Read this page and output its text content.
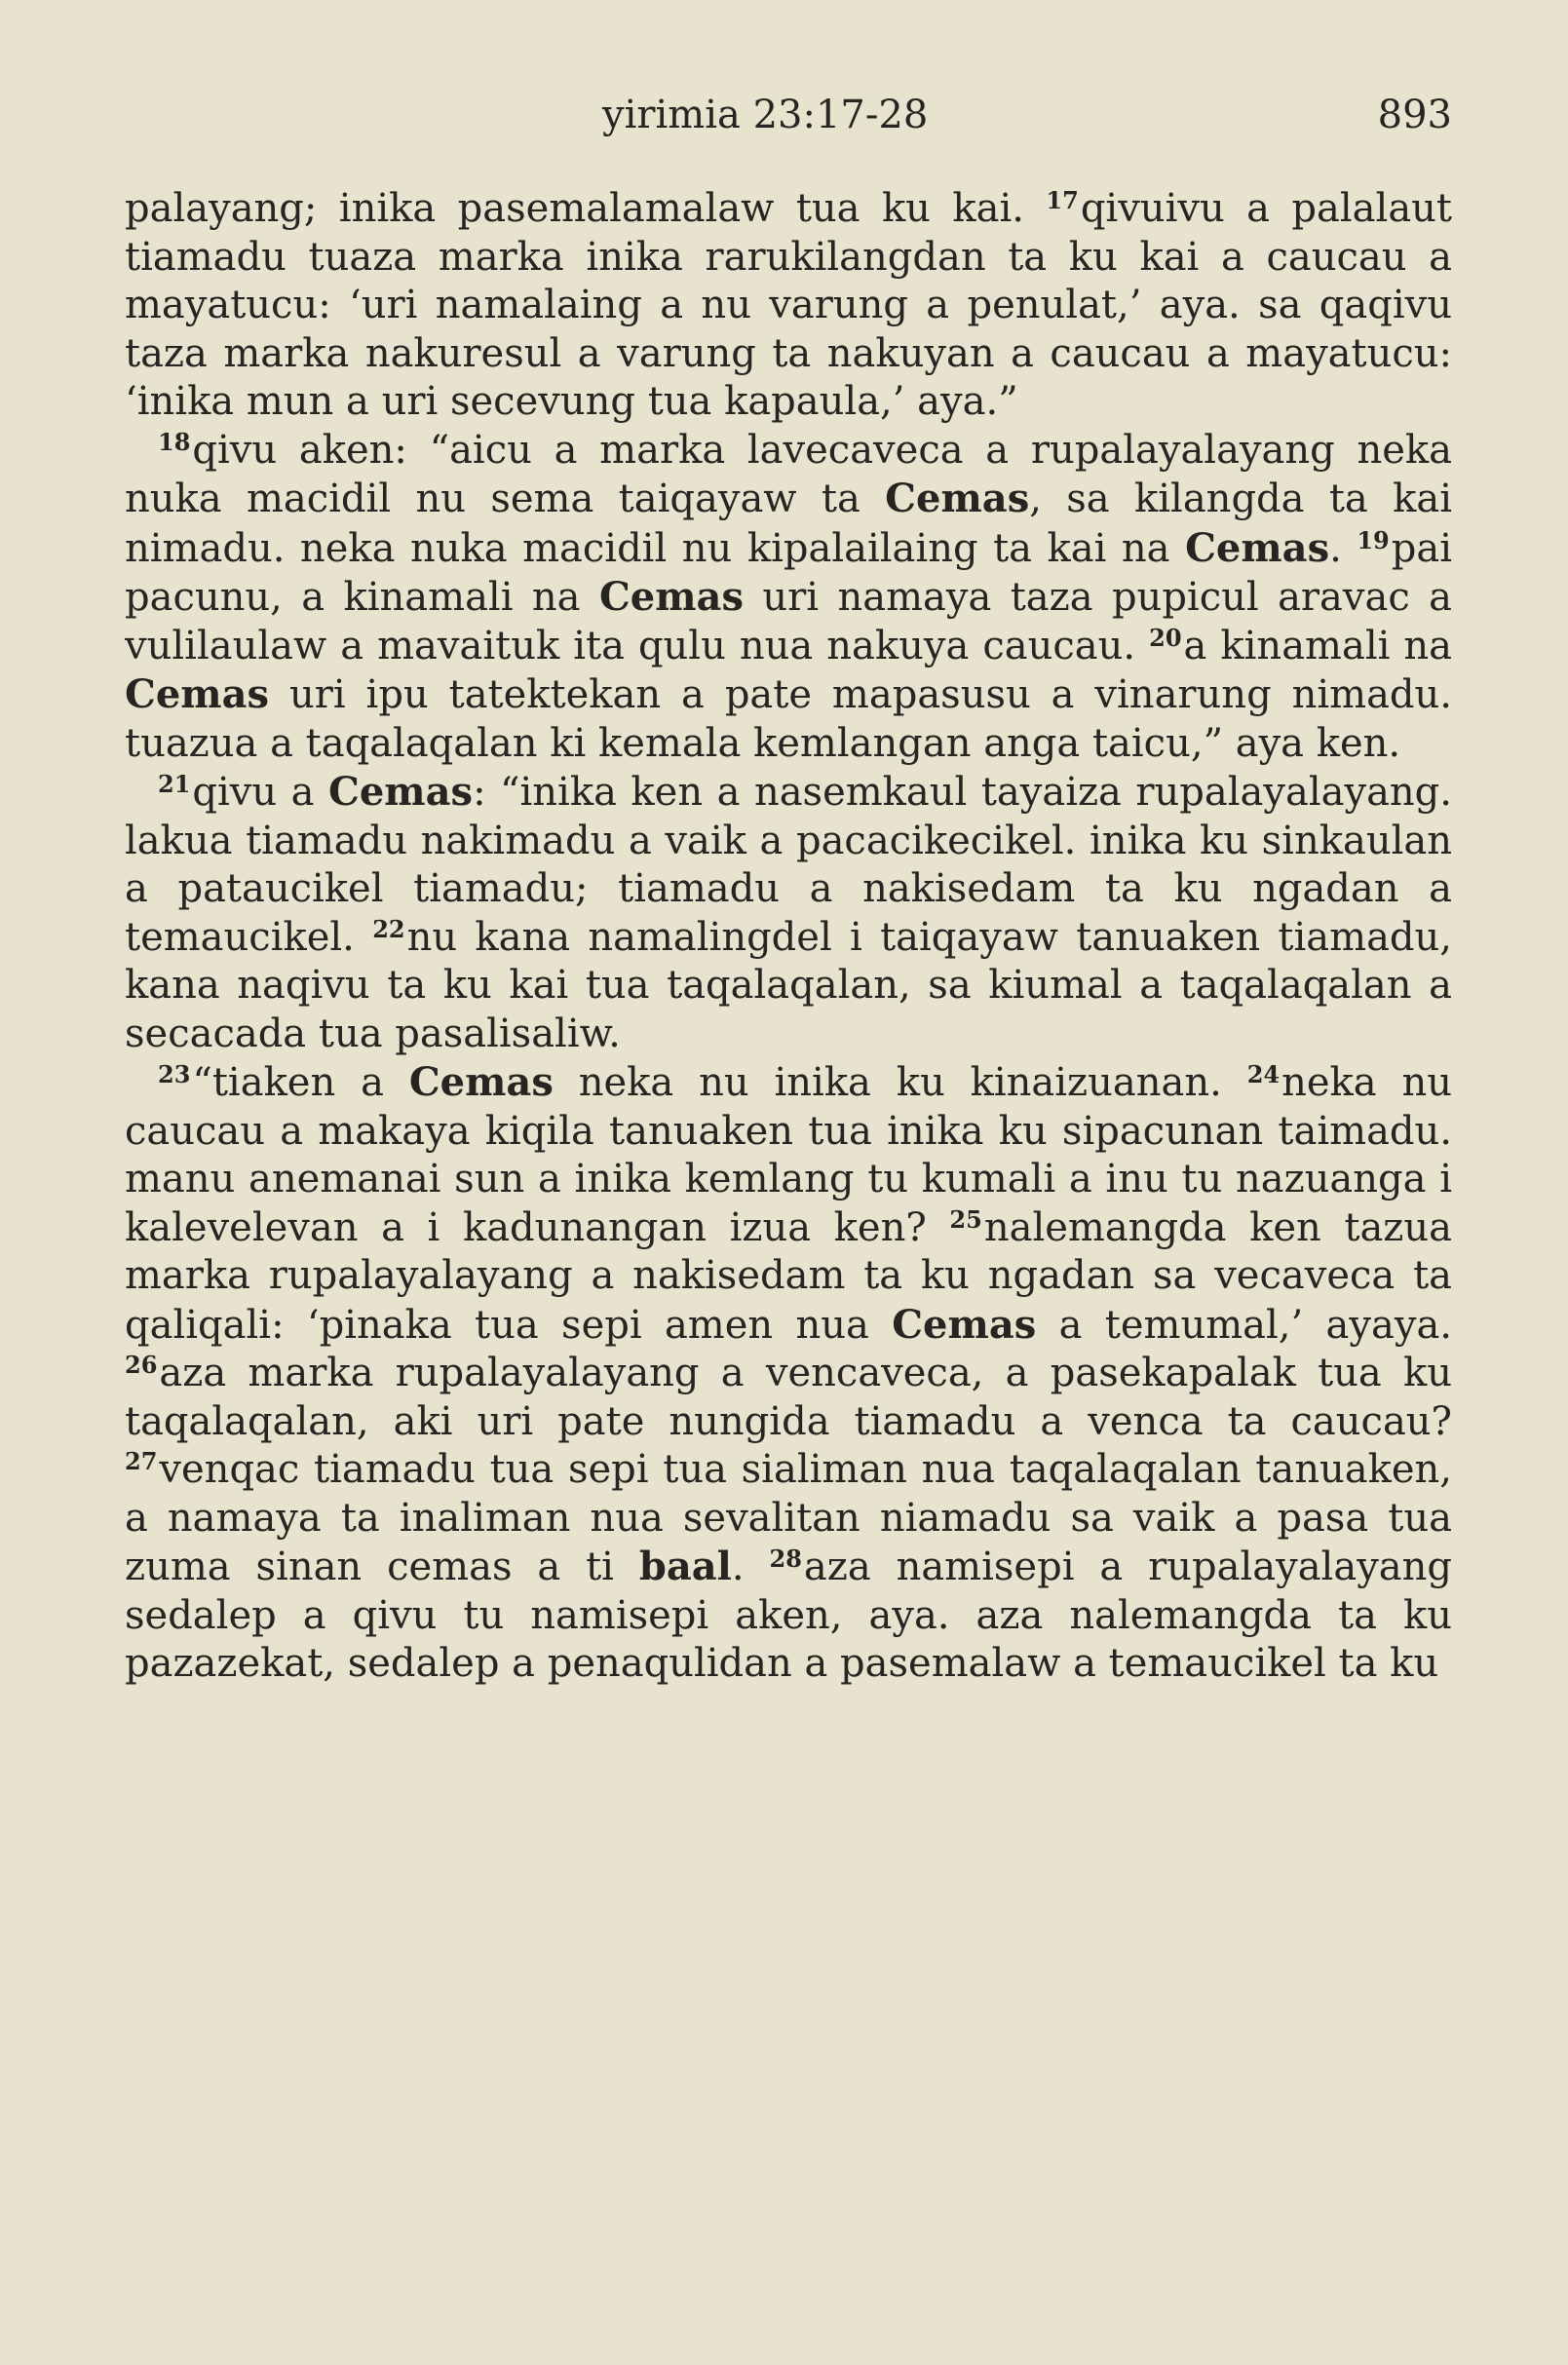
yirimia 23:17-28	893

palayang; inika pasemalamalaw tua ku kai. $^{17}$qivuivu a palalaut tiamadu tuaza marka inika rarukilangdan ta ku kai a caucau a mayatucu: ‘uri namalaing a nu varung a penulat,’ aya. sa qaqivu taza marka nakuresul a varung ta nakuyan a caucau a mayatucu: ‘inika mun a uri secevung tua kapaula,’ aya.”

$^{18}$qivu aken: “aicu a marka lavecaveca a rupalayalayang neka nuka macidil nu sema taiqayaw ta Cemas, sa kilangda ta kai nimadu. neka nuka macidil nu kipalailaing ta kai na Cemas. $^{19}$pai pacunu, a kinamali na Cemas uri namaya taza pupicul aravac a vulilaulaw a mavaituk ita qulu nua nakuya caucau. $^{20}$a kinamali na Cemas uri ipu tatektekan a pate mapasusu a vinarung nimadu. tuazua a taqalaqalan ki kemala kemlangan anga taicu,” aya ken.

$^{21}$qivu a Cemas: “inika ken a nasemkaul tayaiza rupalayalayang. lakua tiamadu nakimadu a vaik a pacacikecikel. inika ku sinkaulan a pataucikel tiamadu; tiamadu a nakisedam ta ku ngadan a temaucikel. $^{22}$nu kana namalingdel i taiqayaw tanuaken tiamadu, kana naqivu ta ku kai tua taqalaqalan, sa kiumal a taqalaqalan a secacada tua pasalisaliw.

$^{23}$“tiaken a Cemas neka nu inika ku kinaizuanan. $^{24}$neka nu caucau a makaya kiqila tanuaken tua inika ku sipacunan taimadu. manu anemanai sun a inika kemlang tu kumali a inu tu nazuanga i kalevelevan a i kadunangan izua ken? $^{25}$nalemangda ken tazua marka rupalayalayang a nakisedam ta ku ngadan sa vecaveca ta qaliqali: ‘pinaka tua sepi amen nua Cemas a temumal,’ ayaya. $^{26}$aza marka rupalayalayang a vencaveca, a pasekapalak tua ku taqalaqalan, aki uri pate nungida tiamadu a venca ta caucau? $^{27}$venqac tiamadu tua sepi tua sialiman nua taqalaqalan tanuaken, a namaya ta inaliman nua sevalitan niamadu sa vaik a pasa tua zuma sinan cemas a ti baal. $^{28}$aza namisepi a rupalayalayang sedalep a qivu tu namisepi aken, aya. aza nalemangda ta ku pazazekat, sedalep a penaqulidan a pasemalaw a temaucikel ta ku
